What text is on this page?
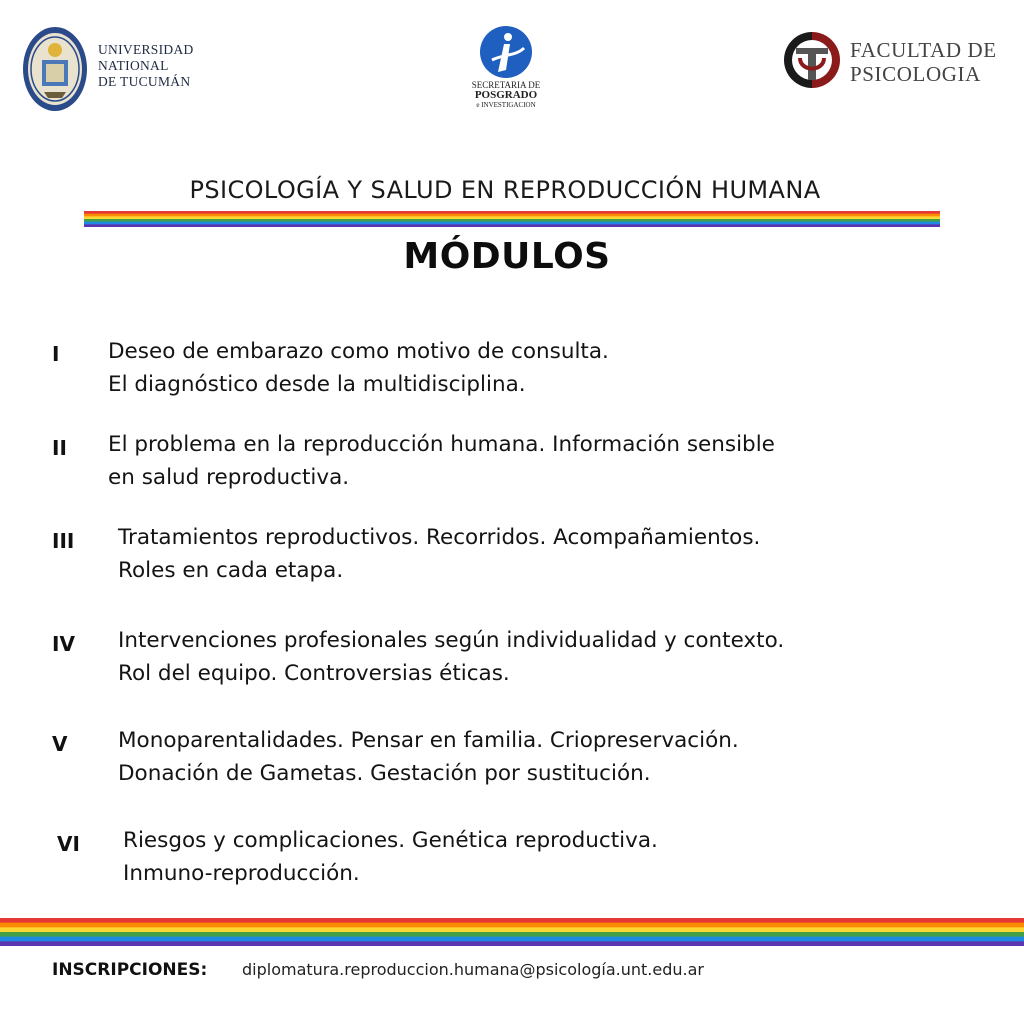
UNIVERSIDAD
NATIONAL
DE TUCUMÁN	SECRETARIA DE
POSGRADO
e INVESTIGACION
FACULTAD DE
PSICOLOGIA
PSICOLOGÍA Y SALUD EN REPRODUCCIÓN HUMANA
MÓDULOS
I Deseo de embarazo como motivo de consulta.
El diagnóstico desde la multidisciplina.
II El problema en la reproducción humana. Información sensible
en salud reproductiva.
III Tratamientos reproductivos. Recorridos. Acompañamientos.
Roles en cada etapa.
IV Intervenciones profesionales según individualidad y contexto.
Rol del equipo. Controversias éticas.
V Monoparentalidades. Pensar en familia. Criopreservación.
Donación de Gametas. Gestación por sustitución.
VI Riesgos y complicaciones. Genética reproductiva.
Inmuno-reproducción.
INSCRIPCIONES: diplomatura.reproduccion.humana@psicología.unt.edu.ar
